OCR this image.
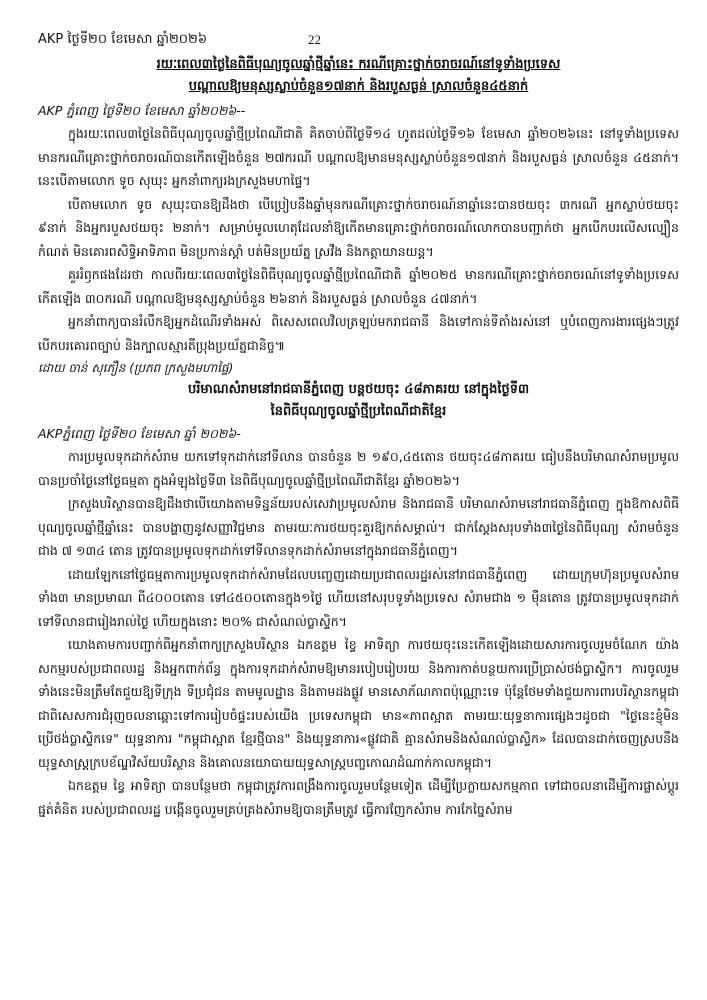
AKP ថ្ងៃទី២០ ខែមេសា ឆ្នាំ២០២៦	22
រយៈពេល៣ថ្ងៃនៃពិធីបុណ្យចូលឆ្នាំថ្មីឆ្នាំនេះ ករណីគ្រោះថ្នាក់ចរាចរណ៍នៅទូទាំងប្រទេស
បណ្តាលឱ្យមនុស្សស្លាប់ចំនួន១៧នាក់ និងរបួសធ្ងន់ ស្រាលចំនួន៤៥នាក់
AKP ភ្នំពេញ ថ្ងៃទី២០ ខែមេសា ឆ្នាំ២០២៦--

ក្នុងរយៈពេល៣ថ្ងៃនៃពិធីបុណ្យចូលឆ្នាំថ្មីប្រពៃណីជាតិ គិតចាប់ពីថ្ងៃទី១៤ ហូតដល់ថ្ងៃទី១៦ ខែមេសា ឆ្នាំ២០២៦នេះ នៅទូទាំងប្រទេសមានករណីគ្រោះថ្នាក់ចរាចរណ៍បានកើតឡើងចំនួន ២៧ករណី បណ្តាលឱ្យមានមនុស្សស្លាប់ចំនួន១៧នាក់ និងរបួសធ្ងន់ ស្រាលចំនួន ៤៥នាក់។ នេះបើតាមលោក ទូច សុឃុះ អ្នកនាំពាក្យរងក្រសួងមហាផ្ទៃ។

បើតាមលោក ទូច សុឃុះបានឱ្យដឹងថា បើប្រៀបនឹងឆ្នាំមុនករណីគ្រោះថ្នាក់ចរាចរណ៍នាឆ្នាំនេះបានថយចុះ ៣ករណី អ្នកស្លាប់ថយចុះ ៩នាក់ និងអ្នករបួសថយចុះ ២នាក់។ សម្រាប់មូលហេតុដែលនាំឱ្យកើតមានគ្រោះថ្នាក់ចរាចរណ៍លោកបានបញ្ជាក់ថា អ្នកបើកបរលើសល្បឿនកំណត់ មិនគោរពសិទ្ធិអាទិភាព មិនប្រកាន់ស្តាំ បត់មិនប្រយ័ត្ន ស្រវឹង និងកត្តាយានយន្ត។

គួររំឭកផងដែរថា កាលពីរយៈពេល៣ថ្ងៃនៃពិធីបុណ្យចូលឆ្នាំថ្មីប្រពៃណីជាតិ ឆ្នាំ២០២៥ មានករណីគ្រោះថ្នាក់ចរាចរណ៍នៅទូទាំងប្រទេសកើតឡើង ៣០ករណី បណ្តាលឱ្យមនុស្សស្លាប់ចំនួន ២៦នាក់ និងរបួសធ្ងន់ ស្រាលចំនួន ៤៧នាក់។

អ្នកនាំពាក្យបានរំលឹកឱ្យអ្នកដំណើរទាំងអស់ ពិសេសពេលវិលត្រឡប់មករាជធានី និងទៅកាន់ទីតាំងរស់នៅ ឬបំពេញការងារផ្សេងៗត្រូវបើកបរគោរពច្បាប់ និងក្បាលស្មារតីប្រុងប្រយ័ត្នជានិច្ច៕

ដោយ ចាន់ សុភឿន (ប្រភព ក្រសួងមហាផ្ទៃ)
បរិមាណសំរាមនៅរាជធានីភ្នំពេញ បន្តថយចុះ ៤៨ភាគរយ នៅក្នុងថ្ងៃទី៣
នៃពិធីបុណ្យចូលឆ្នាំថ្មីប្រពៃណីជាតិខ្មែរ
AKPភ្នំពេញ ថ្ងៃទី២០ ខែមេសា ឆ្នាំ ២០២៦-

ការប្រមូលទុកដាក់សំរាម យកទៅទុកដាក់នៅទីលាន បានចំនួន ២ ១៩០,៤៥តោន ថយចុះ៤៨ភាគរយ ធៀបនឹងបរិមាណសំរាមប្រមូលបានប្រចាំថ្ងៃនៅថ្ងៃធម្មតា ក្នុងអំឡុងថ្ងៃទី៣ នៃពិធីបុណ្យចូលឆ្នាំថ្មីប្រពៃណីជាតិខ្មែរ ឆ្នាំ២០២៦។

ក្រសួងបរិស្ថានបានឱ្យដឹងថាបើយោងតាមទិន្នន័យរបស់សេវាប្រមូលសំរាម និងរាជធានី បរិមាណសំរាមនៅរាជធានីភ្នំពេញ ក្នុងឱកាសពិធីបុណ្យចូលឆ្នាំថ្មីឆ្នាំនេះ បានបង្ហាញនូវសញ្ញាវិជ្ជមាន តាមរយៈការថយចុះគួរឱ្យកត់សម្គាល់។ ជាក់ស្តែងសរុបទាំង៣ថ្ងៃនៃពិធីបុណ្យ សំរាមចំនួនជាង ៧ ១៣៤ តោន ត្រូវបានប្រមូលទុកដាក់ទៅទីលានទុកដាក់សំរាមនៅក្នុងរាជធានីភ្នំពេញ។

ដោយឡែកនៅថ្ងៃធម្មតាការប្រមូលទុកដាក់សំរាមដែលបញ្ចេញដោយប្រជាពលរដ្ឋរស់នៅរាជធានីភ្នំពេញ ដោយក្រុមហ៊ុនប្រមូលសំរាមទាំង៣ មានប្រមាណ ពី៤០០០តោន ទៅ៤៥០០តោនក្នុង១ថ្ងៃ ហើយនៅសរុបទូទាំងប្រទេស សំរាមជាង ១ ម៉ឺនតោន ត្រូវបានប្រមូលទុកដាក់ទៅទីលានជារៀងរាល់ថ្ងៃ ហើយក្នុងនោះ ២០% ជាសំណល់ប្លាស្ទិក។

យោងតាមការបញ្ជាក់ពីអ្នកនាំពាក្យក្រសួងបរិស្ថាន ឯកឧត្តម ខ្វៃ អាទិត្យា ការថយចុះនេះកើតឡើងដោយសារការចូលរួមចំណែក យ៉ាងសកម្មរបស់ប្រជាពលរដ្ឋ និងអ្នកពាក់ព័ន្ធ ក្នុងការទុកដាក់សំរាមឱ្យមានរបៀបរៀបរយ និងការកាត់បន្ថយការប្រើប្រាស់ថង់ប្លាស្ទិក។ ការចូលរួមទាំងនេះមិនត្រឹមតែជួយឱ្យទីក្រុង ទីប្រជុំជន តាមមូលដ្ឋាន និងតាមដងផ្លូវ មានសោភ័ណភាពប៉ុណ្ណោះទេ ប៉ុន្តែថែមទាំងជួយការពារបរិស្ថានកម្ពុជា ជាពិសេសការជំរុញចលនាឆ្ពោះទៅការរៀបចំផ្ទះរបស់យើង ប្រទេសកម្ពុជា មាន«ភាពស្អាត តាមរយៈយុទ្ធនាការផ្សេងៗដូចជា "ថ្ងៃនេះខ្ញុំមិនប្រើថង់ប្លាស្ទិកទេ" យុទ្ធនាការ "កម្ពុជាស្អាត ខ្មែរថ្មីបាន" និងយុទ្ធនាការ«ផ្លូវជាតិ គ្មានសំរាមនិងសំណល់ប្លាស្ទិក» ដែលបានដាក់ចេញស្របនឹងយុទ្ធសាស្ត្រក្របខ័ណ្ឌវិស័យបរិស្ថាន និងគោលនយោបាយយុទ្ធសាស្ត្របញ្ចកោណដំណាក់កាលកម្ពុជា។

ឯកឧត្តម ខ្វៃ អាទិត្យា បានបន្ថែមថា កម្ពុជាត្រូវការពង្រឹងការចូលរួមបន្ថែមទៀត ដើម្បីប្រែក្លាយសកម្មភាព ទៅជាចលនាដើម្បីការផ្លាស់ប្តូរផ្នត់គំនិត របស់ប្រជាពលរដ្ឋ បង្កើនចូលរួមគ្រប់គ្រងសំរាមឱ្យបានត្រឹមត្រូវ ធ្វើការញែកសំរាម ការកែច្នៃសំរាម
